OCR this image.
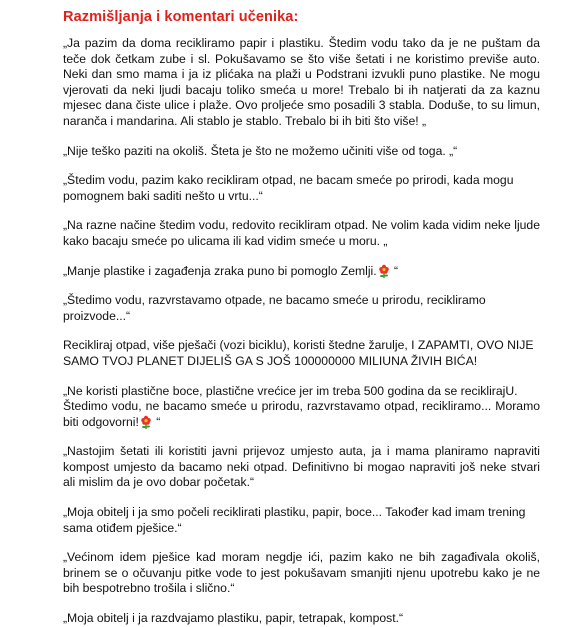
Razmišljanja i komentari učenika:

„Ja pazim da doma recikliramo papir i plastiku. Štedim vodu tako da je ne puštam da teče dok četkam zube i sl. Pokušavamo se što više šetati i ne koristimo previše auto. Neki dan smo mama i ja iz plićaka na plaži u Podstrani izvukli puno plastike. Ne mogu vjerovati da neki ljudi bacaju toliko smeća u more! Trebalo bi ih natjerati da za kaznu mjesec dana čiste ulice i plaže. Ovo proljeće smo posadili 3 stabla. Doduše, to su limun, naranča i mandarina. Ali stablo je stablo. Trebalo bi ih biti što više! „

„Nije teško paziti na okoliš. Šteta je što ne možemo učiniti više od toga. „“

„Štedim vodu, pazim kako recikliram otpad, ne bacam smeće po prirodi, kada mogu pomognem baki saditi nešto u vrtu...“

„Na razne načine štedim vodu, redovito recikliram otpad. Ne volim kada vidim neke ljude kako bacaju smeće po ulicama ili kad vidim smeće u moru. „

„Manje plastike i zagađenja zraka puno bi pomoglo Zemlji. “

„Štedimo vodu, razvrstavamo otpade, ne bacamo smeće u prirodu, recikliramo proizvode...“

Recikliraj otpad, više pješači (vozi biciklu), koristi štedne žarulje, I ZAPAMTI, OVO NIJE SAMO TVOJ PLANET DIJELIŠ GA S JOŠ 100000000 MILIUNA ŽIVIH BIĆA!

„Ne koristi plastične boce, plastične vrećice jer im treba 500 godina da se reciklirajU.
Štedimo vodu, ne bacamo smeće u prirodu, razvrstavamo otpad, recikliramo... Moramo biti odgovorni! “

„Nastojim šetati ili koristiti javni prijevoz umjesto auta, ja i mama planiramo napraviti kompost umjesto da bacamo neki otpad. Definitivno bi mogao napraviti još neke stvari ali mislim da je ovo dobar početak.“

„Moja obitelj i ja smo počeli reciklirati plastiku, papir, boce... Također kad imam trening sama otiđem pješice.“

„Većinom idem pješice kad moram negdje ići, pazim kako ne bih zagađivala okoliš, brinem se o očuvanju pitke vode to jest pokušavam smanjiti njenu upotrebu kako je ne bih bespotrebno trošila i slično.“

„Moja obitelj i ja razdvajamo plastiku, papir, tetrapak, kompost.“
